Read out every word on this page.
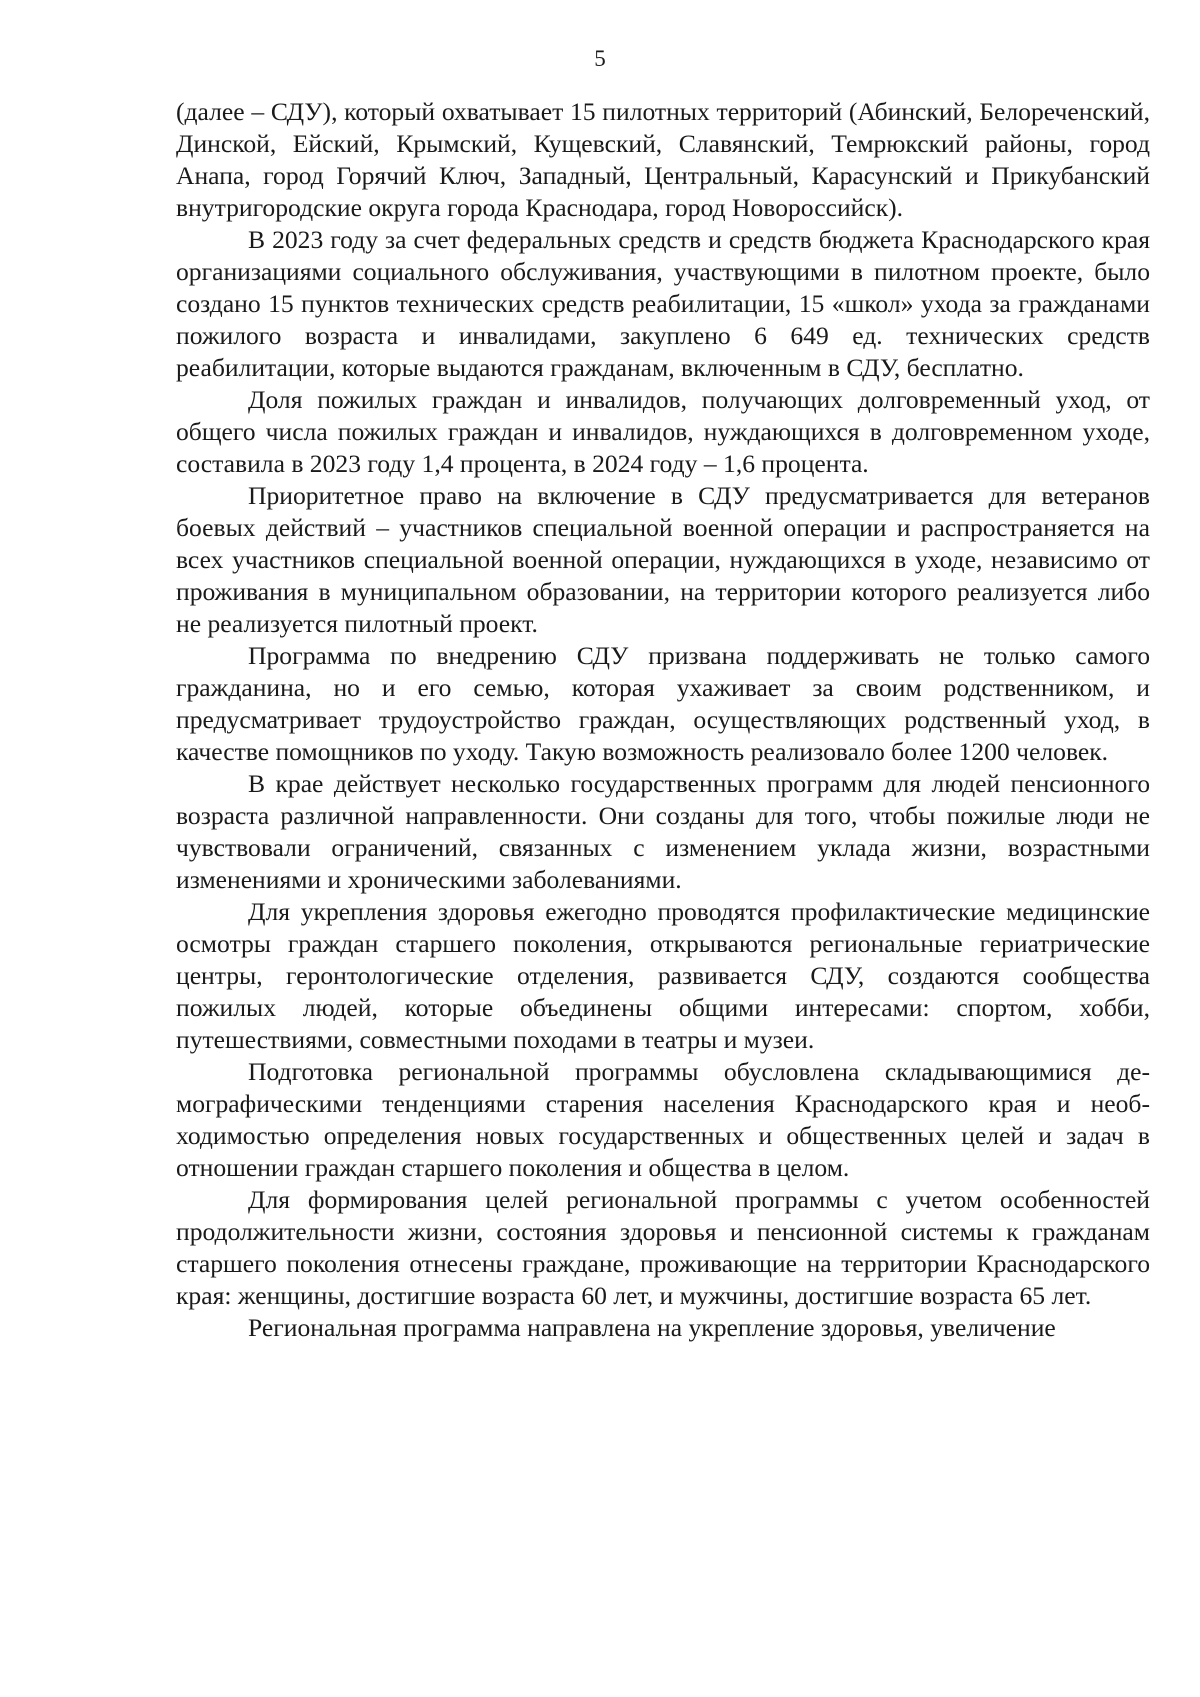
5

(далее – СДУ), который охватывает 15 пилотных территорий (Абинский, Белореченский, Динской, Ейский, Крымский, Кущевский, Славянский, Темрюкский районы, город Анапа, город Горячий Ключ, Западный, Центральный, Карасунский и Прикубанский внутригородские округа города Краснодара, город Новороссийск).

В 2023 году за счет федеральных средств и средств бюджета Краснодарского края организациями социального обслуживания, участвующими в пилотном проекте, было создано 15 пунктов технических средств реабилитации, 15 «школ» ухода за гражданами пожилого возраста и инвалидами, закуплено 6 649 ед. технических средств реабилитации, которые выдаются гражданам, включенным в СДУ, бесплатно.

Доля пожилых граждан и инвалидов, получающих долговременный уход, от общего числа пожилых граждан и инвалидов, нуждающихся в долговременном уходе, составила в 2023 году 1,4 процента, в 2024 году – 1,6 процента.

Приоритетное право на включение в СДУ предусматривается для ветеранов боевых действий – участников специальной военной операции и распространяется на всех участников специальной военной операции, нуждающихся в уходе, независимо от проживания в муниципальном образовании, на территории которого реализуется либо не реализуется пилотный проект.

Программа по внедрению СДУ призвана поддерживать не только самого гражданина, но и его семью, которая ухаживает за своим родственником, и предусматривает трудоустройство граждан, осуществляющих родственный уход, в качестве помощников по уходу. Такую возможность реализовало более 1200 человек.

В крае действует несколько государственных программ для людей пенсионного возраста различной направленности. Они созданы для того, чтобы пожилые люди не чувствовали ограничений, связанных с изменением уклада жизни, возрастными изменениями и хроническими заболеваниями.

Для укрепления здоровья ежегодно проводятся профилактические медицинские осмотры граждан старшего поколения, открываются региональные гериатрические центры, геронтологические отделения, развивается СДУ, создаются сообщества пожилых людей, которые объединены общими интересами: спортом, хобби, путешествиями, совместными походами в театры и музеи.

Подготовка региональной программы обусловлена складывающимися демографическими тенденциями старения населения Краснодарского края и необходимостью определения новых государственных и общественных целей и задач в отношении граждан старшего поколения и общества в целом.

Для формирования целей региональной программы с учетом особенностей продолжительности жизни, состояния здоровья и пенсионной системы к гражданам старшего поколения отнесены граждане, проживающие на территории Краснодарского края: женщины, достигшие возраста 60 лет, и мужчины, достигшие возраста 65 лет.

Региональная программа направлена на укрепление здоровья, увеличение
